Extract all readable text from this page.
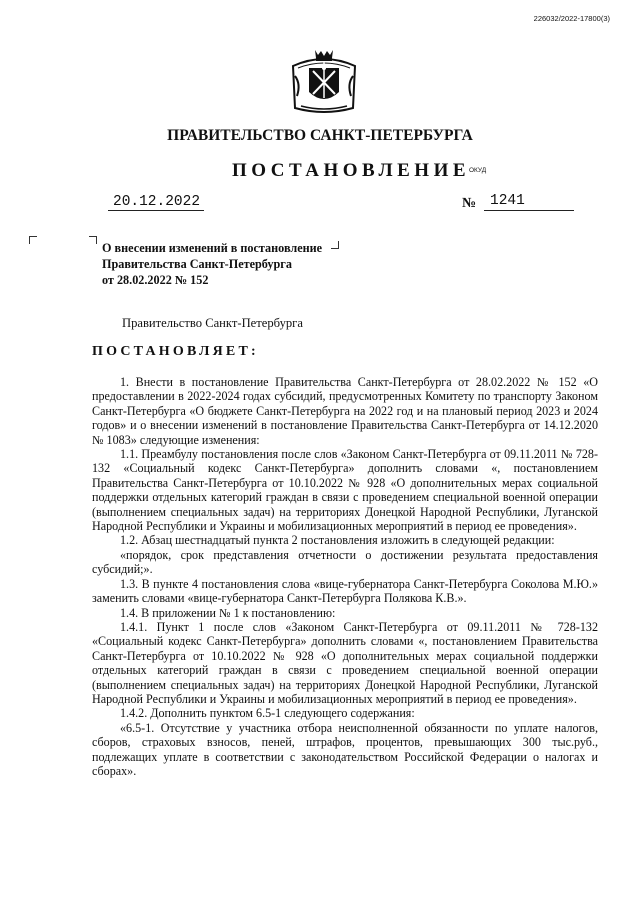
226032/2022-17800(3)
ПРАВИТЕЛЬСТВО САНКТ-ПЕТЕРБУРГА
ПОСТАНОВЛЕНИЕ
ОКУД
20.12.2022	№ 1241
О внесении изменений в постановление
Правительства Санкт-Петербурга
от 28.02.2022 № 152
Правительство Санкт-Петербурга
ПОСТАНОВЛЯЕТ:

1. Внести в постановление Правительства Санкт-Петербурга от 28.02.2022 № 152 «О предоставлении в 2022-2024 годах субсидий, предусмотренных Комитету по транспорту Законом Санкт-Петербурга «О бюджете Санкт-Петербурга на 2022 год и на плановый период 2023 и 2024 годов» и о внесении изменений в постановление Правительства Санкт-Петербурга от 14.12.2020 № 1083» следующие изменения:

1.1. Преамбулу постановления после слов «Законом Санкт-Петербурга от 09.11.2011 № 728-132 «Социальный кодекс Санкт-Петербурга» дополнить словами «, постановлением Правительства Санкт-Петербурга от 10.10.2022 № 928 «О дополнительных мерах социальной поддержки отдельных категорий граждан в связи с проведением специальной военной операции (выполнением специальных задач) на территориях Донецкой Народной Республики, Луганской Народной Республики и Украины и мобилизационных мероприятий в период ее проведения».

1.2. Абзац шестнадцатый пункта 2 постановления изложить в следующей редакции:

«порядок, срок представления отчетности о достижении результата предоставления субсидий;».

1.3. В пункте 4 постановления слова «вице-губернатора Санкт-Петербурга Соколова М.Ю.» заменить словами «вице-губернатора Санкт-Петербурга Полякова К.В.».

1.4. В приложении № 1 к постановлению:

1.4.1. Пункт 1 после слов «Законом Санкт-Петербурга от 09.11.2011 № 728-132 «Социальный кодекс Санкт-Петербурга» дополнить словами «, постановлением Правительства Санкт-Петербурга от 10.10.2022 № 928 «О дополнительных мерах социальной поддержки отдельных категорий граждан в связи с проведением специальной военной операции (выполнением специальных задач) на территориях Донецкой Народной Республики, Луганской Народной Республики и Украины и мобилизационных мероприятий в период ее проведения».

1.4.2. Дополнить пунктом 6.5-1 следующего содержания:

«6.5-1. Отсутствие у участника отбора неисполненной обязанности по уплате налогов, сборов, страховых взносов, пеней, штрафов, процентов, превышающих 300 тыс.руб., подлежащих уплате в соответствии с законодательством Российской Федерации о налогах и сборах».
